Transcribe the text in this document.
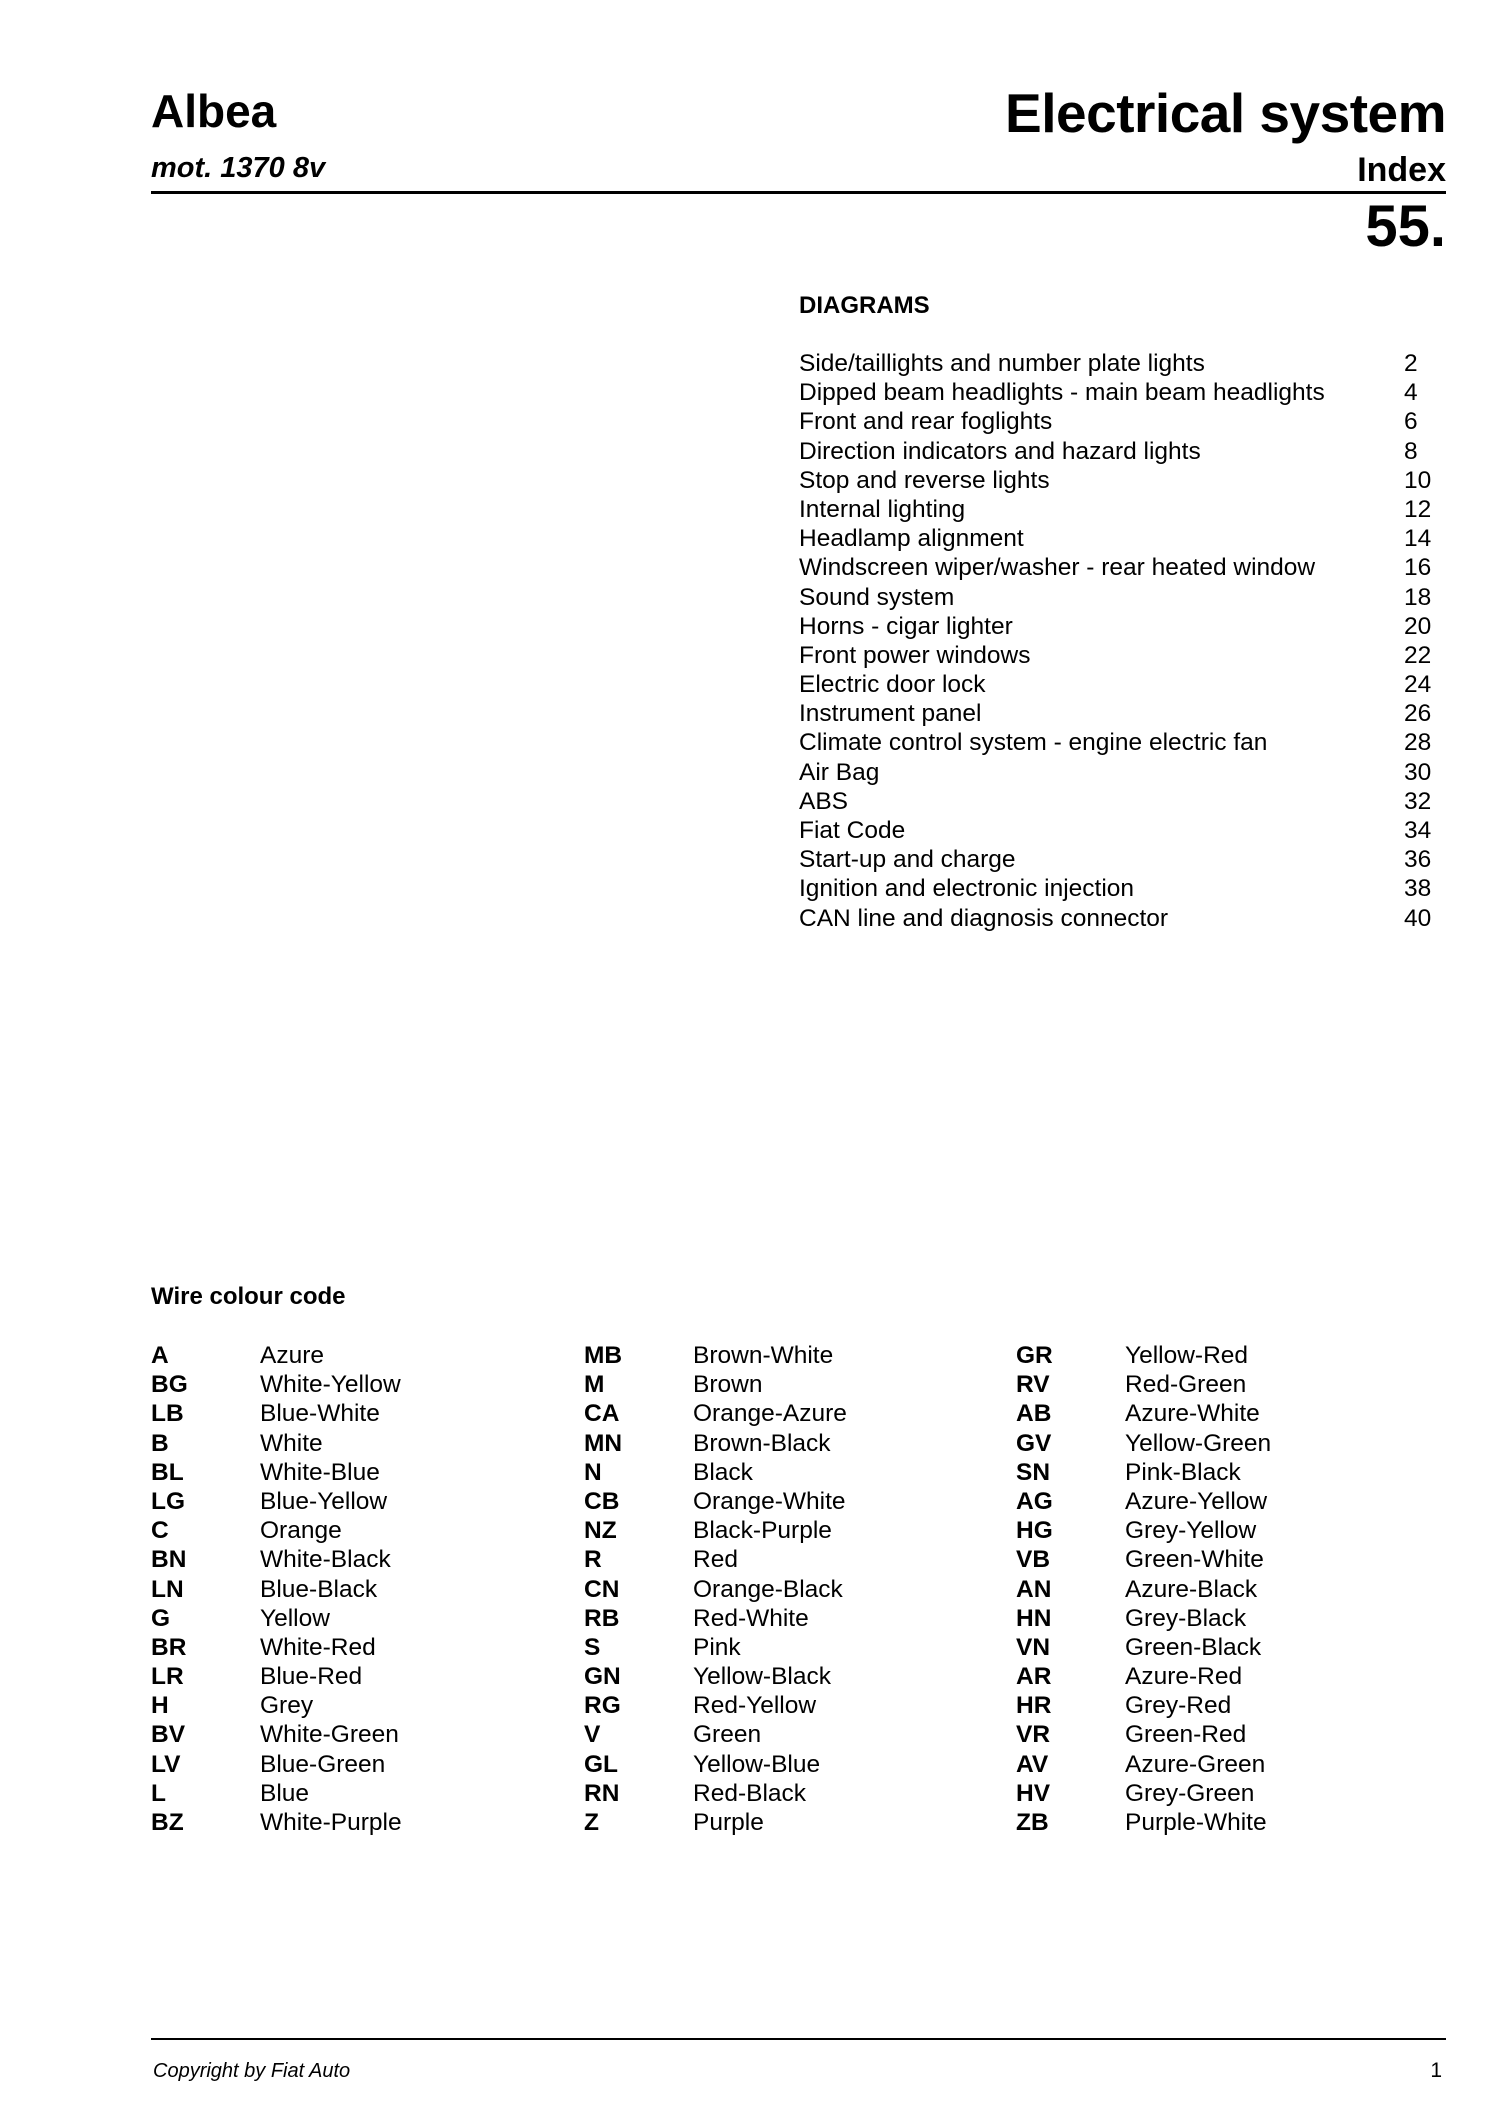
Albea
mot. 1370 8v
Electrical system
Index
55.
DIAGRAMS
Side/taillights and number plate lights	2
Dipped beam headlights - main beam headlights	4
Front and rear foglights	6
Direction indicators and hazard lights	8
Stop and reverse lights	10
Internal lighting	12
Headlamp alignment	14
Windscreen wiper/washer - rear heated window	16
Sound system	18
Horns - cigar lighter	20
Front power windows	22
Electric door lock	24
Instrument panel	26
Climate control system - engine electric fan	28
Air Bag	30
ABS	32
Fiat Code	34
Start-up and charge	36
Ignition and electronic injection	38
CAN line and diagnosis connector	40
Wire colour code
A	Azure
BG	White-Yellow
LB	Blue-White
B	White
BL	White-Blue
LG	Blue-Yellow
C	Orange
BN	White-Black
LN	Blue-Black
G	Yellow
BR	White-Red
LR	Blue-Red
H	Grey
BV	White-Green
LV	Blue-Green
L	Blue
BZ	White-Purple
MB	Brown-White
M	Brown
CA	Orange-Azure
MN	Brown-Black
N	Black
CB	Orange-White
NZ	Black-Purple
R	Red
CN	Orange-Black
RB	Red-White
S	Pink
GN	Yellow-Black
RG	Red-Yellow
V	Green
GL	Yellow-Blue
RN	Red-Black
Z	Purple
GR	Yellow-Red
RV	Red-Green
AB	Azure-White
GV	Yellow-Green
SN	Pink-Black
AG	Azure-Yellow
HG	Grey-Yellow
VB	Green-White
AN	Azure-Black
HN	Grey-Black
VN	Green-Black
AR	Azure-Red
HR	Grey-Red
VR	Green-Red
AV	Azure-Green
HV	Grey-Green
ZB	Purple-White
Copyright by Fiat Auto	1
